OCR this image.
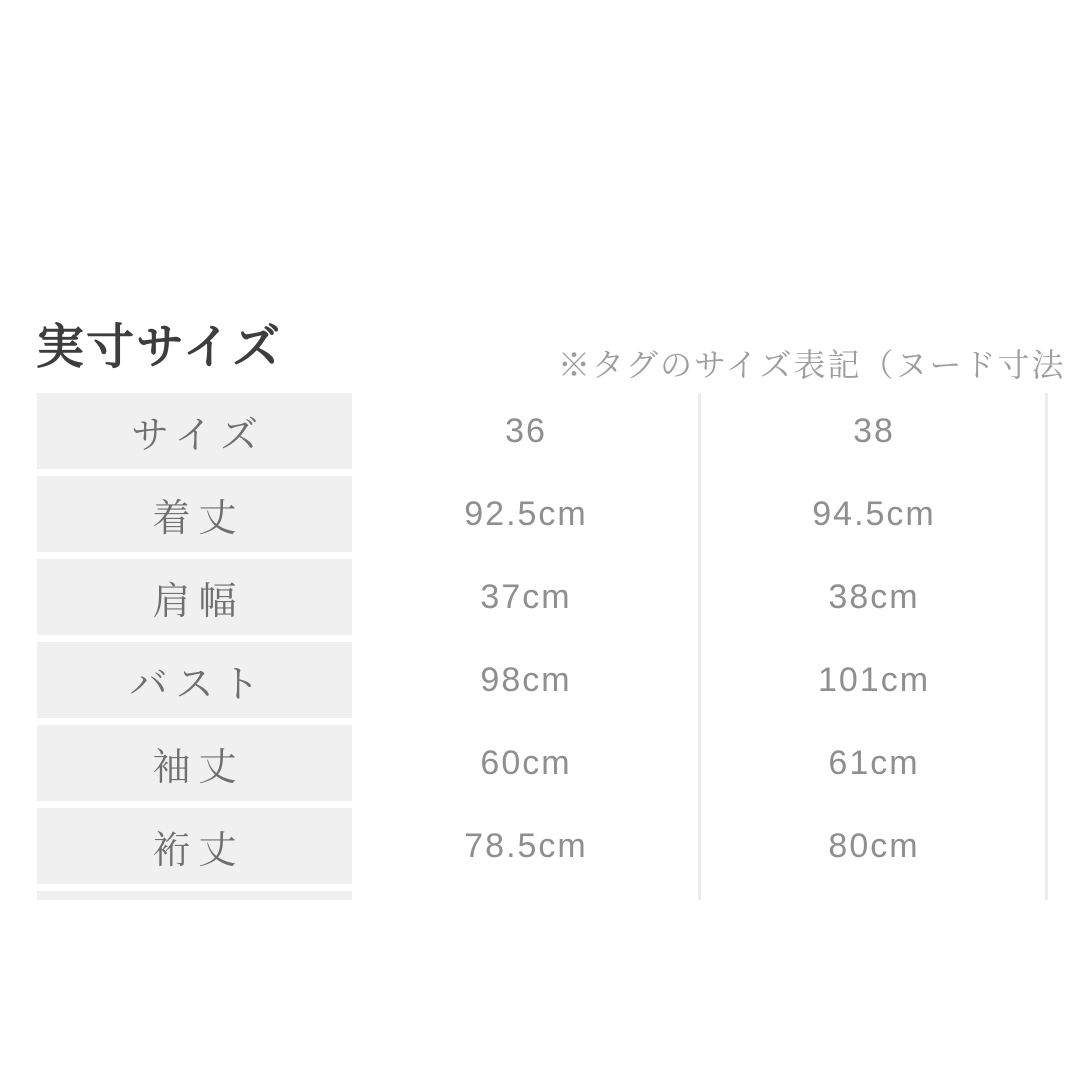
実寸サイズ	※タグのサイズ表記（ヌード寸法
サイズ	36	38
着丈	92.5cm	94.5cm
肩幅	37cm	38cm
バスト	98cm	101cm
袖丈	60cm	61cm
裄丈	78.5cm	80cm
